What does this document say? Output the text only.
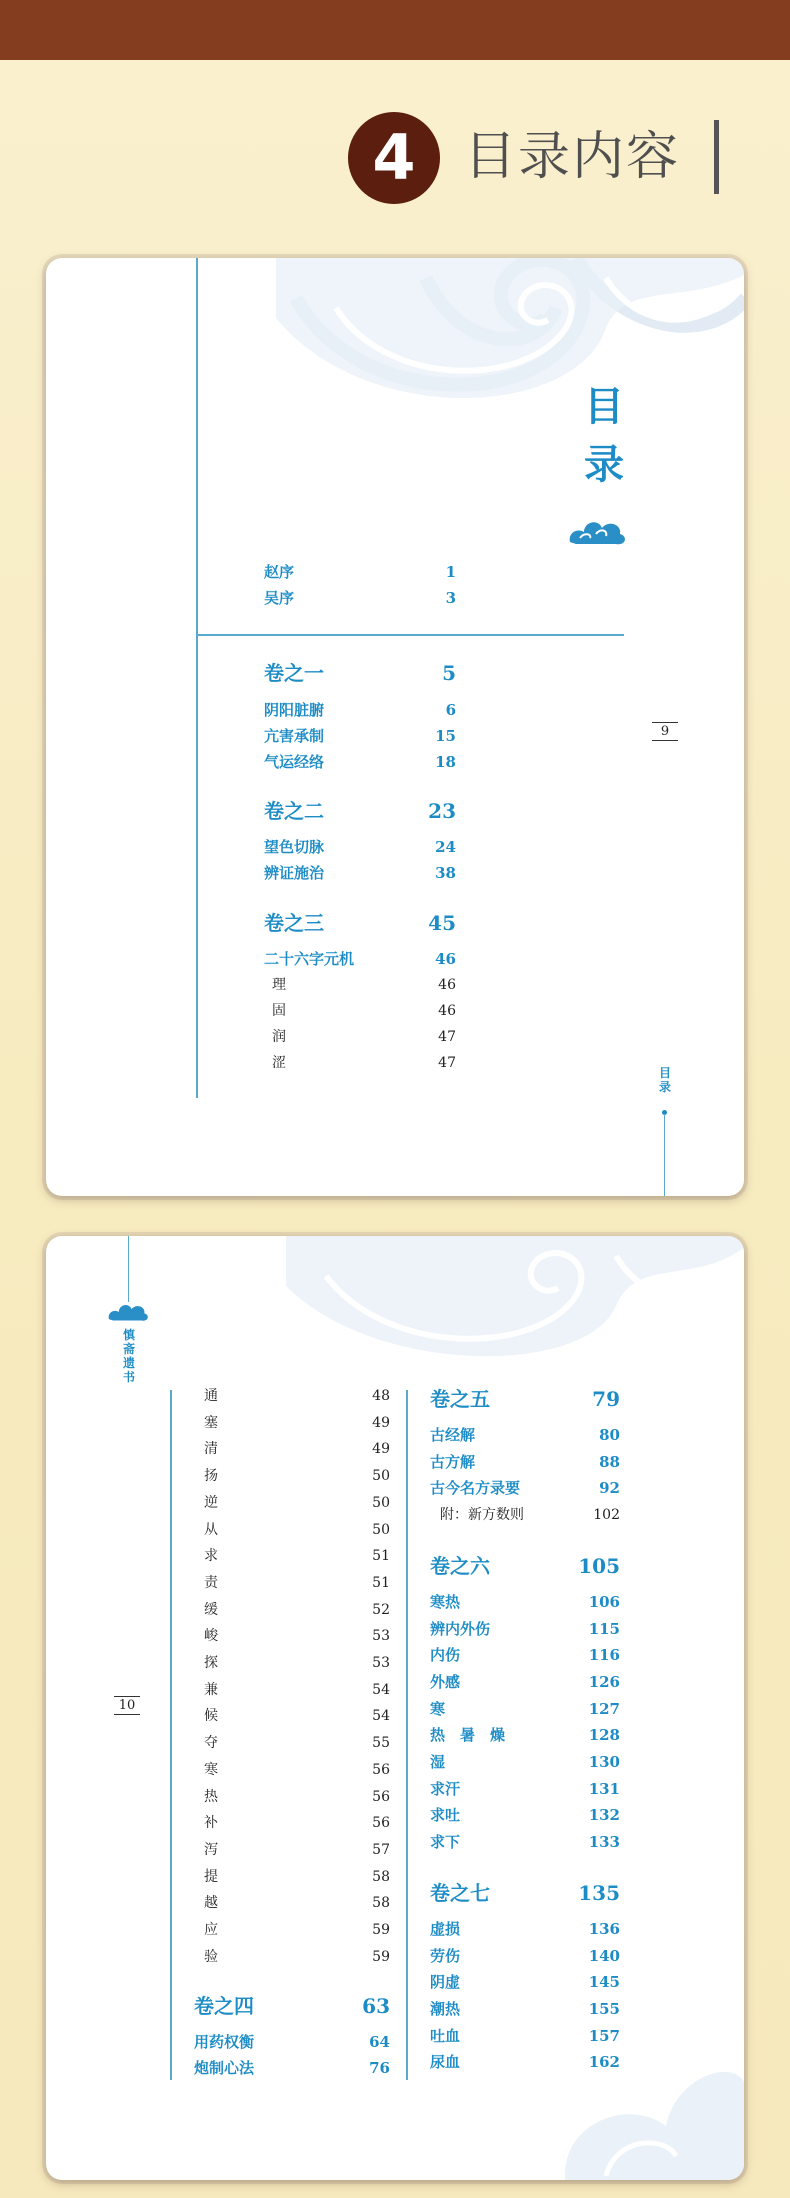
4 目录内容
目
录
赵序	1
吴序	3
卷之一	5
阴阳脏腑	6
亢害承制	15
气运经络	18
卷之二	23
望色切脉	24
辨证施治	38
卷之三	45
二十六字元机	46
理	46
固	46
润	47
涩	47
9
目
录
慎
斋
遗
书
10
通	48
塞	49
清	49
扬	50
逆	50
从	50
求	51
责	51
缓	52
峻	53
探	53
兼	54
候	54
夺	55
寒	56
热	56
补	56
泻	57
提	58
越	58
应	59
验	59
卷之四	63
用药权衡	64
炮制心法	76
卷之五	79
古经解	80
古方解	88
古今名方录要	92
附：新方数则	102
卷之六	105
寒热	106
辨内外伤	115
内伤	116
外感	126
寒	127
热　暑　燥	128
湿	130
求汗	131
求吐	132
求下	133
卷之七	135
虚损	136
劳伤	140
阴虚	145
潮热	155
吐血	157
尿血	162
